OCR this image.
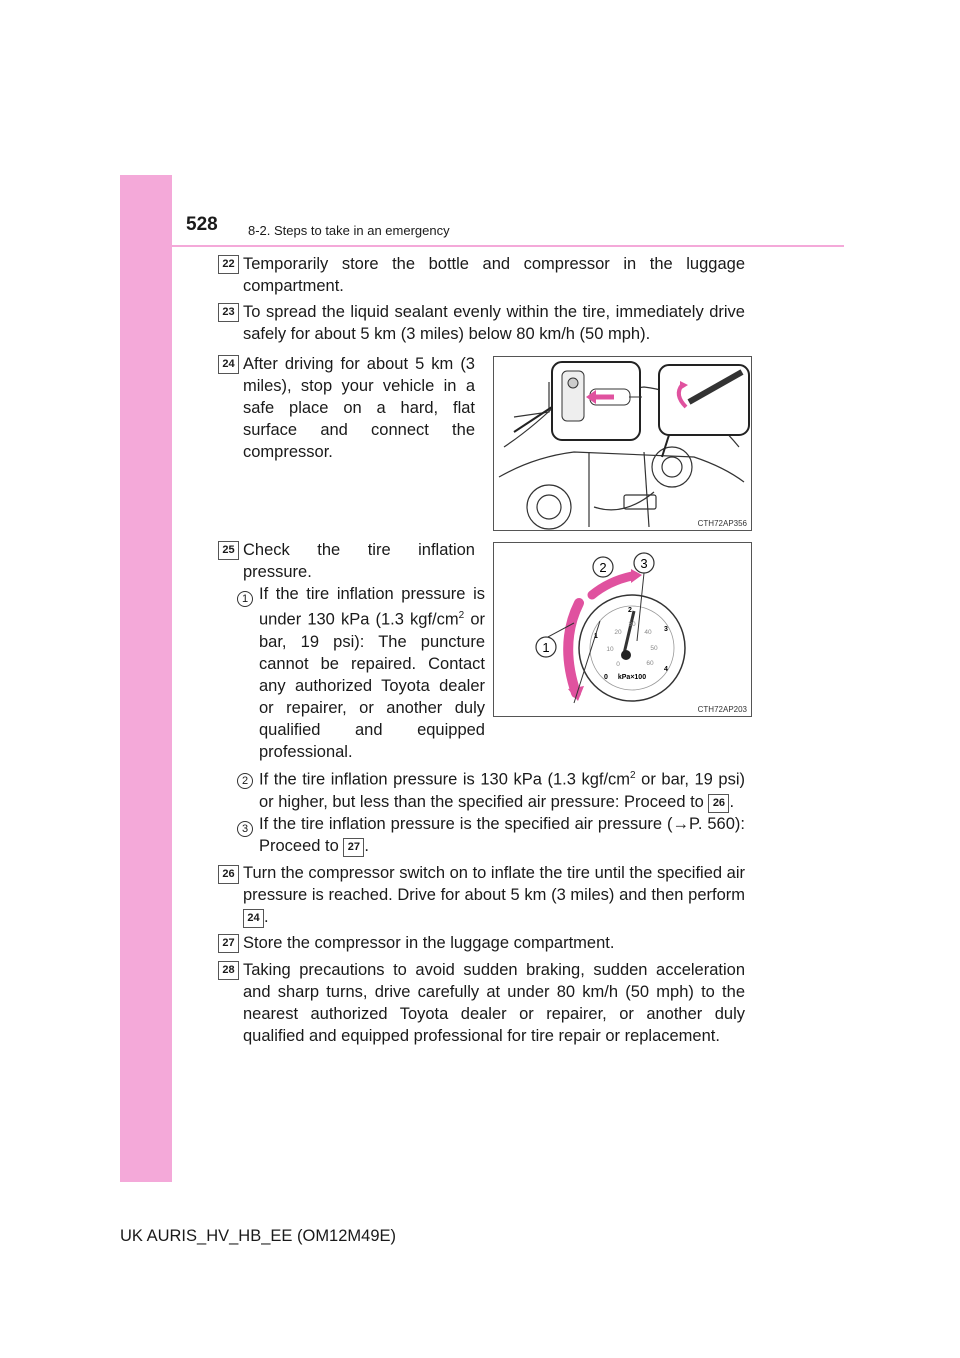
528 8-2. Steps to take in an emergency
22 Temporarily store the bottle and compressor in the luggage compartment.
23 To spread the liquid sealant evenly within the tire, immediately drive safely for about 5 km (3 miles) below 80 km/h (50 mph).
24 After driving for about 5 km (3 miles), stop your vehicle in a safe place on a hard, flat surface and connect the compressor.
CTH72AP356
25 Check the tire inflation pressure.
1
2	3
0
1
2
3
4
0
10
20
30
40
50
60
kPa×100
CTH72AP203
1 If the tire inflation pressure is under 130 kPa (1.3 kgf/$cm^2$ or bar, 19 psi): The puncture cannot be repaired. Contact any authorized Toyota dealer or repairer, or another duly qualified and equipped professional.
2 If the tire inflation pressure is 130 kPa (1.3 kgf/$cm^2$ or bar, 19 psi) or higher, but less than the specified air pressure: Proceed to 26 .
3 If the tire inflation pressure is the specified air pressure (→P. 560): Proceed to 27 .
26 Turn the compressor switch on to inflate the tire until the specified air pressure is reached. Drive for about 5 km (3 miles) and then perform 24 .
27 Store the compressor in the luggage compartment.
28 Taking precautions to avoid sudden braking, sudden acceleration and sharp turns, drive carefully at under 80 km/h (50 mph) to the nearest authorized Toyota dealer or repairer, or another duly qualified and equipped professional for tire repair or replacement.
UK AURIS_HV_HB_EE (OM12M49E)
